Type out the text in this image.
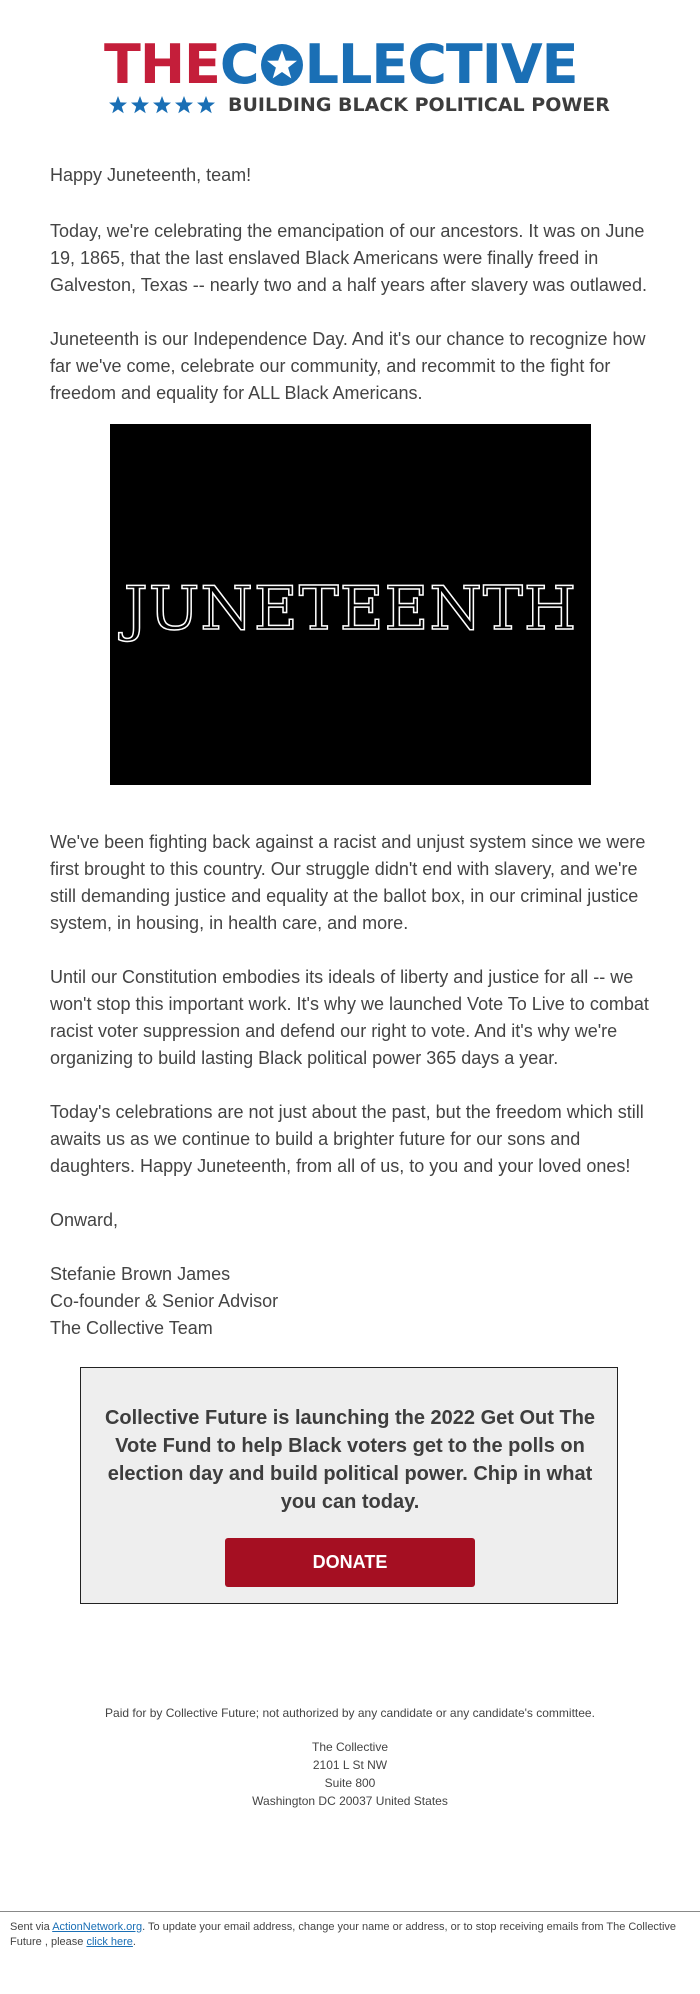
THEC LLECTIVE
BUILDING BLACK POLITICAL POWER

Happy Juneteenth, team!

Today, we're celebrating the emancipation of our ancestors. It was on June 19, 1865, that the last enslaved Black Americans were finally freed in Galveston, Texas -- nearly two and a half years after slavery was outlawed.

Juneteenth is our Independence Day. And it's our chance to recognize how far we've come, celebrate our community, and recommit to the fight for freedom and equality for ALL Black Americans.

JUNETEENTH

We've been fighting back against a racist and unjust system since we were first brought to this country. Our struggle didn't end with slavery, and we're still demanding justice and equality at the ballot box, in our criminal justice system, in housing, in health care, and more.

Until our Constitution embodies its ideals of liberty and justice for all -- we won't stop this important work. It's why we launched Vote To Live to combat racist voter suppression and defend our right to vote. And it's why we're organizing to build lasting Black political power 365 days a year.

Today's celebrations are not just about the past, but the freedom which still awaits us as we continue to build a brighter future for our sons and daughters. Happy Juneteenth, from all of us, to you and your loved ones!

Onward,

Stefanie Brown James

Co-founder & Senior Advisor

The Collective Team

Collective Future is launching the 2022 Get Out The Vote Fund to help Black voters get to the polls on election day and build political power. Chip in what you can today.
DONATE
Paid for by Collective Future; not authorized by any candidate or any candidate's committee.
The Collective
2101 L St NW
Suite 800
Washington DC 20037 United States
Sent via ActionNetwork.org. To update your email address, change your name or address, or to stop receiving emails from The Collective Future , please click here.
